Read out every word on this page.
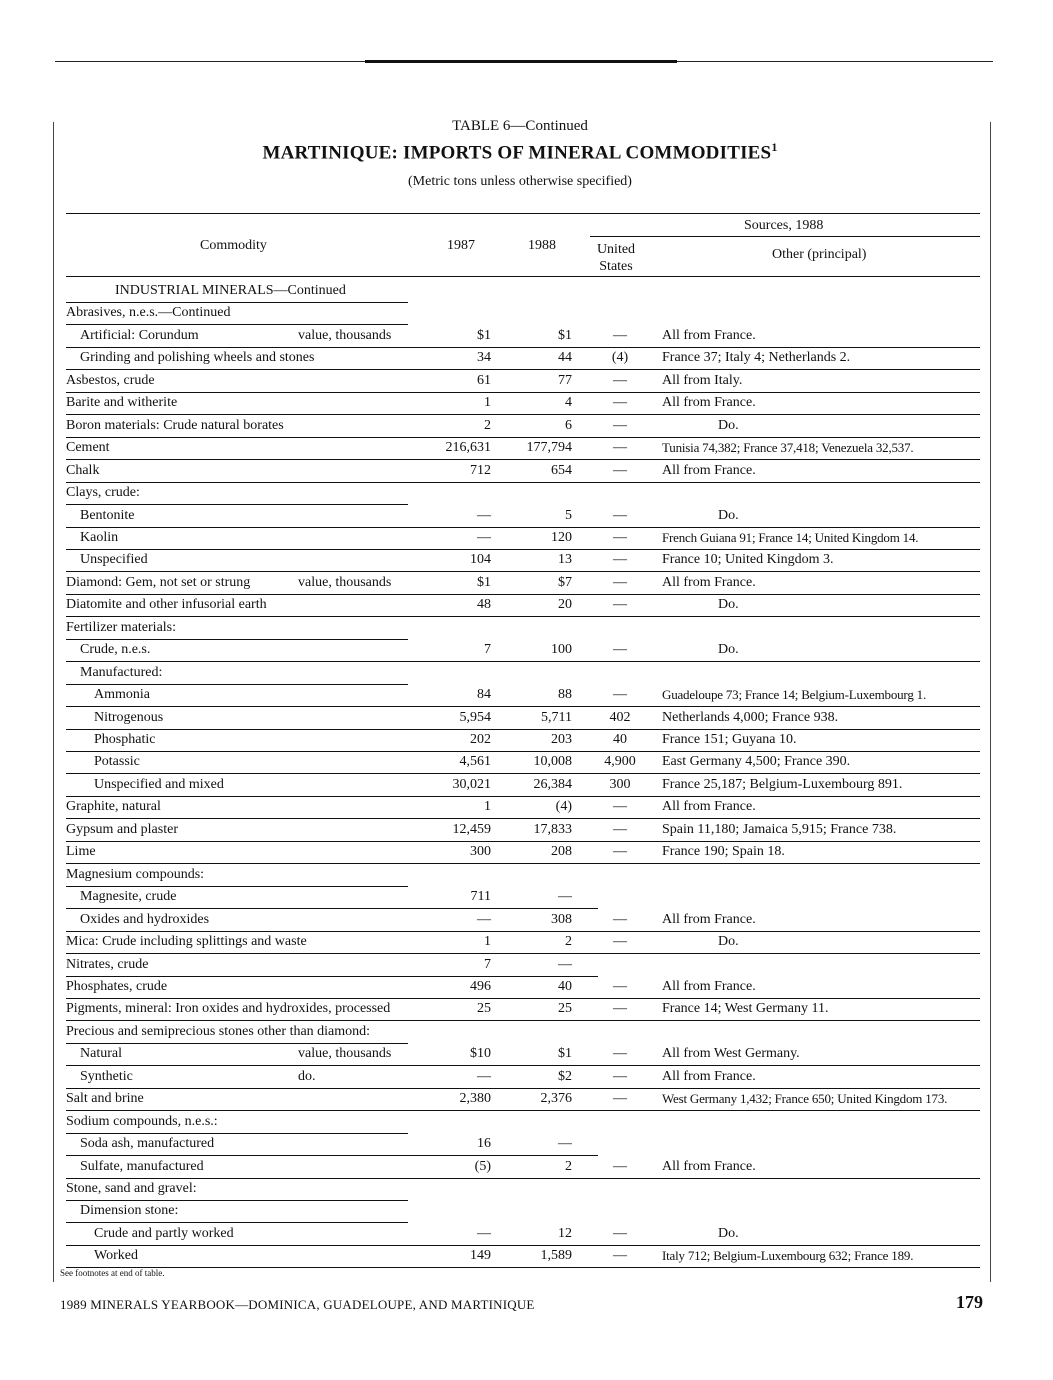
TABLE 6—Continued
MARTINIQUE: IMPORTS OF MINERAL COMMODITIES$^1$
(Metric tons unless otherwise specified)
Commodity	1987	1988
Sources, 1988
United States
Other (principal)
INDUSTRIAL MINERALS—Continued
Abrasives, n.e.s.—Continued
Artificial: Corundum	value, thousands	$1	$1	—	All from France.
Grinding and polishing wheels and stones	34	44	(4)	France 37; Italy 4; Netherlands 2.
Asbestos, crude	61	77	—	All from Italy.
Barite and witherite	1	4	—	All from France.
Boron materials: Crude natural borates	2	6	—	Do.
Cement	216,631	177,794	—	Tunisia 74,382; France 37,418; Venezuela 32,537.
Chalk	712	654	—	All from France.
Clays, crude:
Bentonite	—	5	—	Do.
Kaolin	—	120	—	French Guiana 91; France 14; United Kingdom 14.
Unspecified	104	13	—	France 10; United Kingdom 3.
Diamond: Gem, not set or strung	value, thousands	$1	$7	—	All from France.
Diatomite and other infusorial earth	48	20	—	Do.
Fertilizer materials:
Crude, n.e.s.	7	100	—	Do.
Manufactured:
Ammonia	84	88	—	Guadeloupe 73; France 14; Belgium-Luxembourg 1.
Nitrogenous	5,954	5,711	402	Netherlands 4,000; France 938.
Phosphatic	202	203	40	France 151; Guyana 10.
Potassic	4,561	10,008	4,900	East Germany 4,500; France 390.
Unspecified and mixed	30,021	26,384	300	France 25,187; Belgium-Luxembourg 891.
Graphite, natural	1	(4)	—	All from France.
Gypsum and plaster	12,459	17,833	—	Spain 11,180; Jamaica 5,915; France 738.
Lime	300	208	—	France 190; Spain 18.
Magnesium compounds:
Magnesite, crude	711	—
Oxides and hydroxides	—	308	—	All from France.
Mica: Crude including splittings and waste	1	2	—	Do.
Nitrates, crude	7	—
Phosphates, crude	496	40	—	All from France.
Pigments, mineral: Iron oxides and hydroxides, processed	25	25	—	France 14; West Germany 11.
Precious and semiprecious stones other than diamond:
Natural	value, thousands	$10	$1	—	All from West Germany.
Synthetic	do.	—	$2	—	All from France.
Salt and brine	2,380	2,376	—	West Germany 1,432; France 650; United Kingdom 173.
Sodium compounds, n.e.s.:
Soda ash, manufactured	16	—
Sulfate, manufactured	(5)	2	—	All from France.
Stone, sand and gravel:
Dimension stone:
Crude and partly worked	—	12	—	Do.
Worked	149	1,589	—	Italy 712; Belgium-Luxembourg 632; France 189.
See footnotes at end of table.
1989 MINERALS YEARBOOK—DOMINICA, GUADELOUPE, AND MARTINIQUE	179
